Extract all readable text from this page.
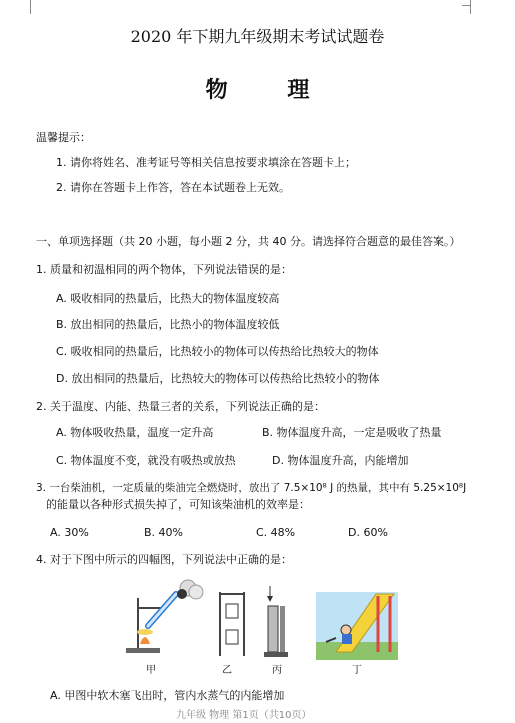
2020 年下期九年级期末考试试题卷
物 理
温馨提示：
1. 请你将姓名、准考证号等相关信息按要求填涂在答题卡上；
2. 请你在答题卡上作答，答在本试题卷上无效。
一、单项选择题（共 20 小题，每小题 2 分，共 40 分。请选择符合题意的最佳答案。）
1. 质量和初温相同的两个物体，下列说法错误的是：
A. 吸收相同的热量后，比热大的物体温度较高
B. 放出相同的热量后，比热小的物体温度较低
C. 吸收相同的热量后，比热较小的物体可以传热给比热较大的物体
D. 放出相同的热量后，比热较大的物体可以传热给比热较小的物体
2. 关于温度、内能、热量三者的关系，下列说法正确的是：
A. 物体吸收热量，温度一定升高	B. 物体温度升高，一定是吸收了热量
C. 物体温度不变，就没有吸热或放热	D. 物体温度升高，内能增加
3. 一台柴油机，一定质量的柴油完全燃烧时，放出了 7.5×10⁸ J 的热量，其中有 5.25×10⁸J
的能量以各种形式损失掉了，可知该柴油机的效率是：
A. 30%	B. 40%	C. 48%	D. 60%
4. 对于下图中所示的四幅图，下列说法中正确的是：
甲	乙	丙	丁
A. 甲图中软木塞飞出时，管内水蒸气的内能增加
九年级 物理 第1页（共10页）
